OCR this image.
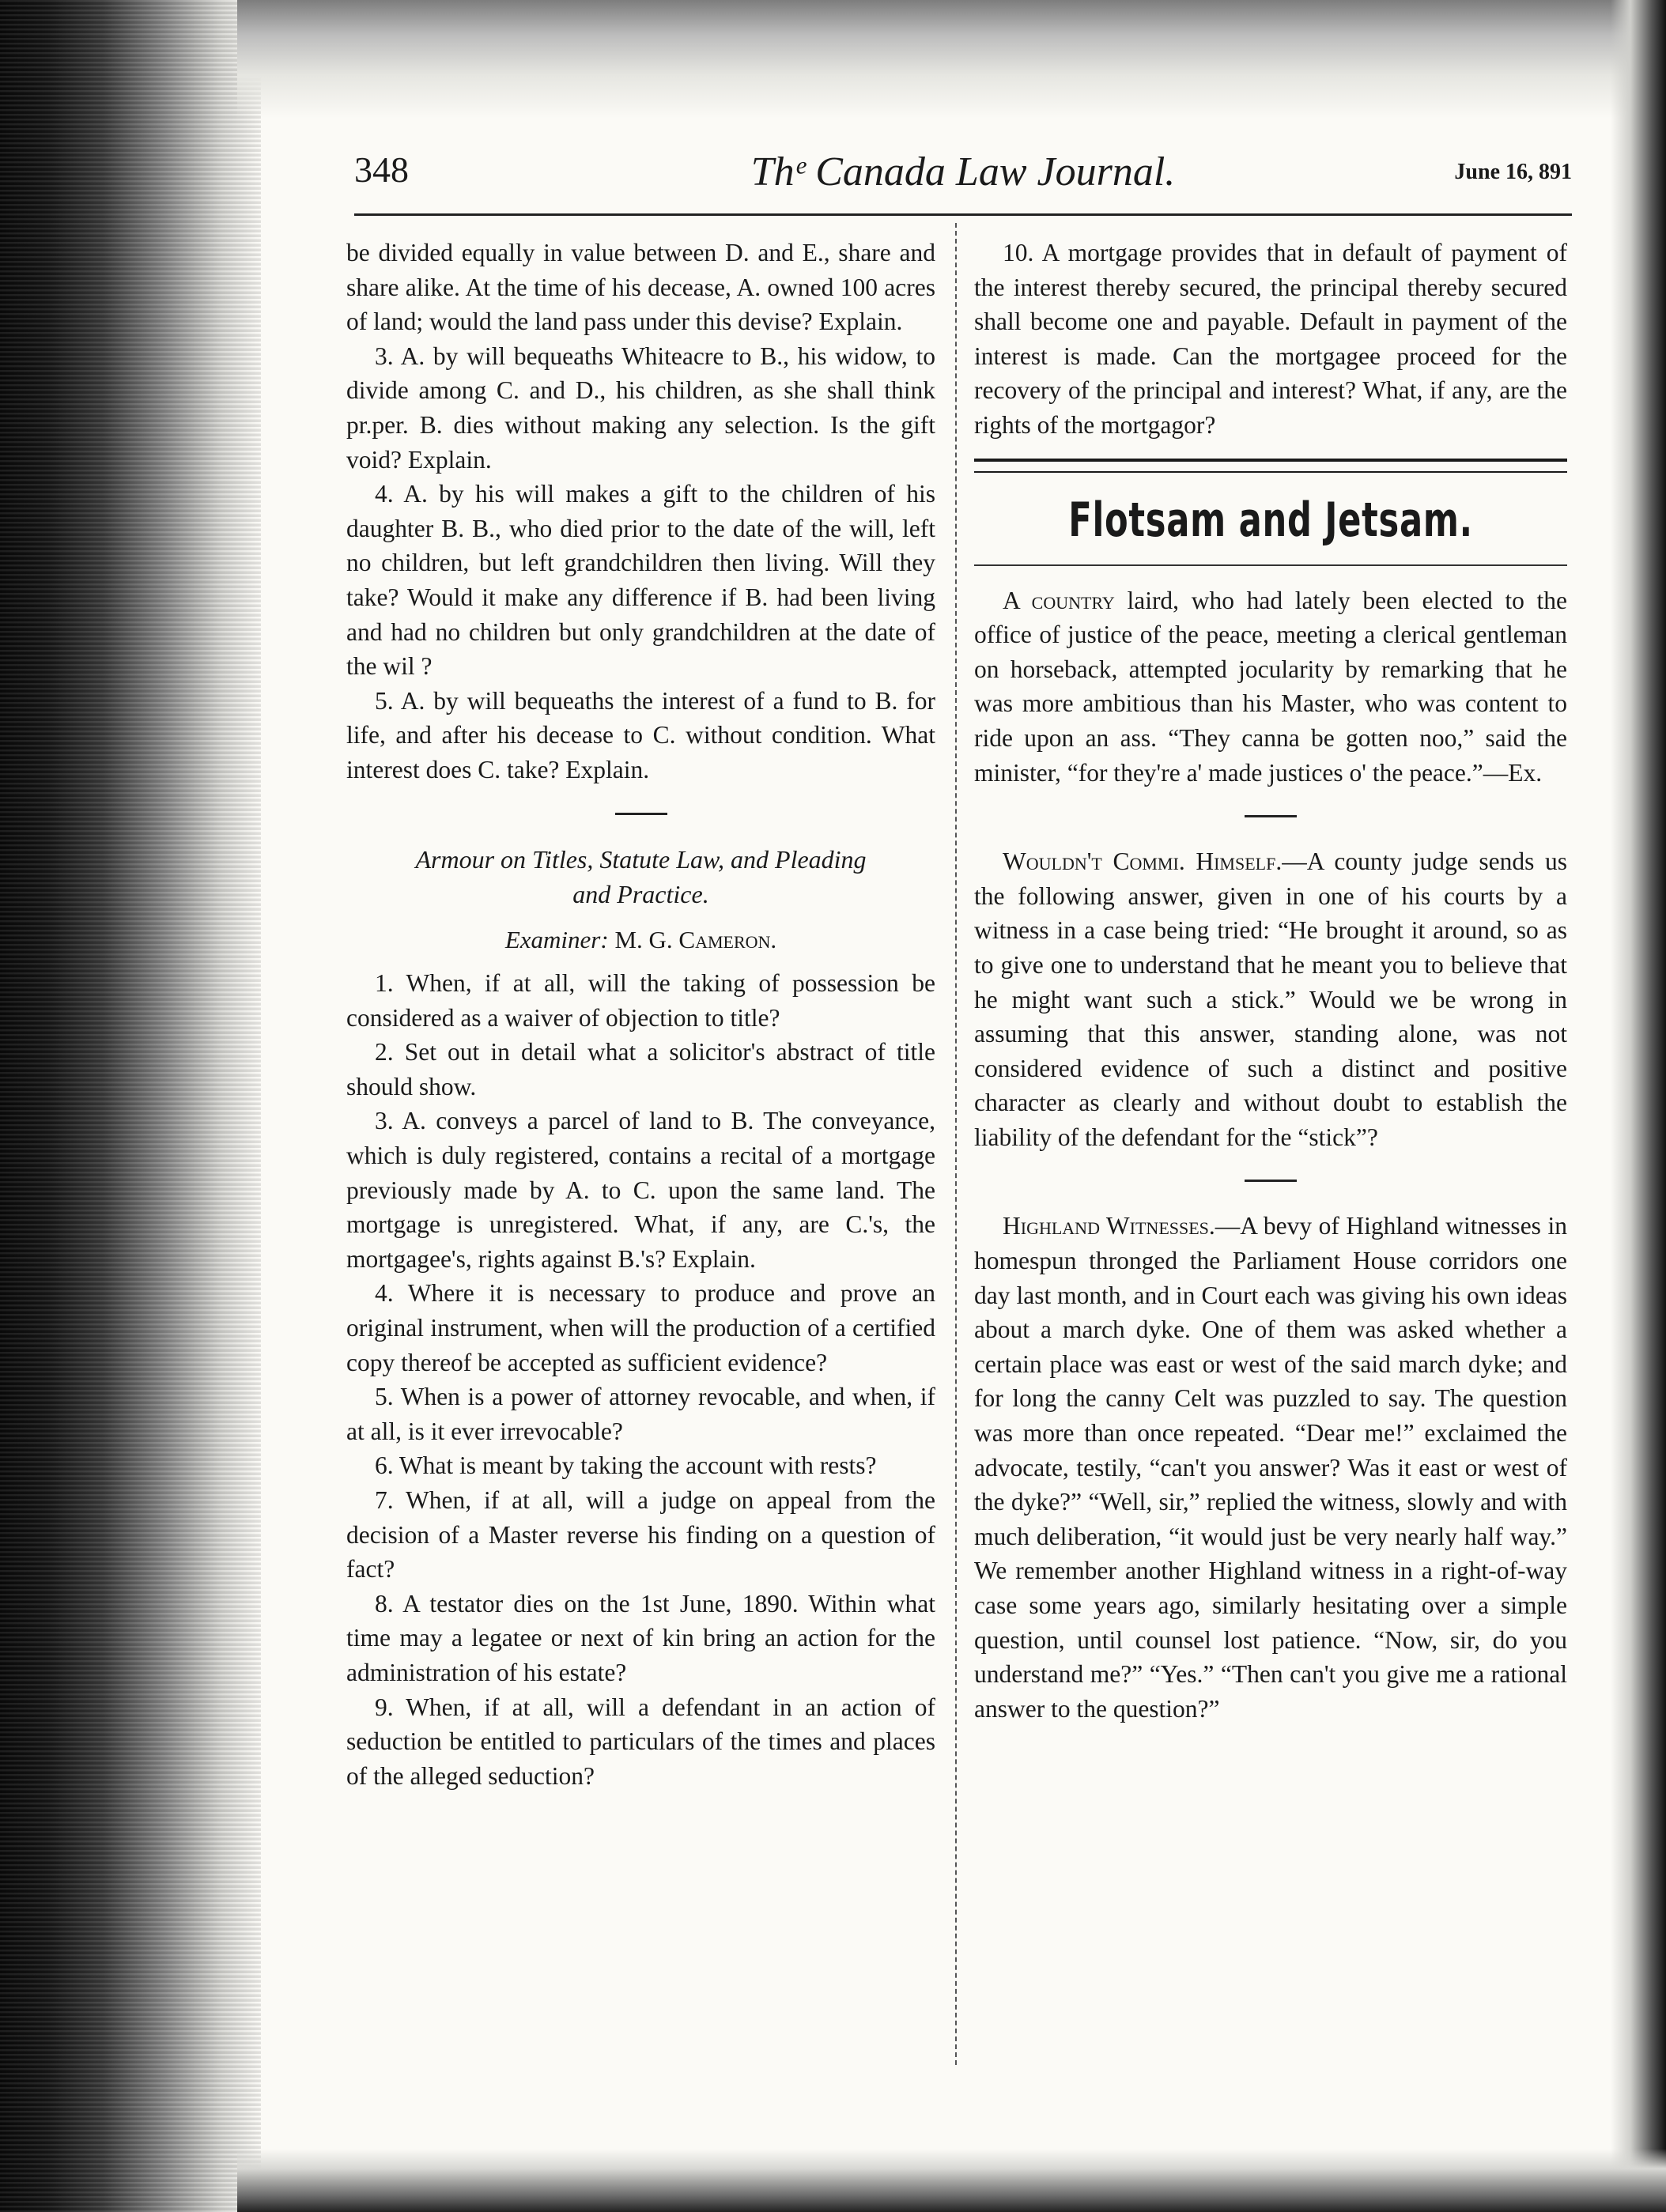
Thᵉ Canada Law Journal.
348	June 16, 891

be divided equally in value between D. and E., share and share alike. At the time of his decease, A. owned 100 acres of land; would the land pass under this devise? Explain.

3. A. by will bequeaths Whiteacre to B., his widow, to divide among C. and D., his children, as she shall think pr.per. B. dies without making any selection. Is the gift void? Explain.

4. A. by his will makes a gift to the children of his daughter B. B., who died prior to the date of the will, left no children, but left grandchildren then living. Will they take? Would it make any difference if B. had been living and had no children but only grandchildren at the date of the wil ?

5. A. by will bequeaths the interest of a fund to B. for life, and after his decease to C. without condition. What interest does C. take? Explain.

Armour on Titles, Statute Law, and Pleading

and Practice.

Examiner: M. G. Cameron.

1. When, if at all, will the taking of possession be considered as a waiver of objection to title?

2. Set out in detail what a solicitor's abstract of title should show.

3. A. conveys a parcel of land to B. The conveyance, which is duly registered, contains a recital of a mortgage previously made by A. to C. upon the same land. The mortgage is unregistered. What, if any, are C.'s, the mortgagee's, rights against B.'s? Explain.

4. Where it is necessary to produce and prove an original instrument, when will the production of a certified copy thereof be accepted as sufficient evidence?

5. When is a power of attorney revocable, and when, if at all, is it ever irrevocable?

6. What is meant by taking the account with rests?

7. When, if at all, will a judge on appeal from the decision of a Master reverse his finding on a question of fact?

8. A testator dies on the 1st June, 1890. Within what time may a legatee or next of kin bring an action for the administration of his estate?

9. When, if at all, will a defendant in an action of seduction be entitled to particulars of the times and places of the alleged seduction?

10. A mortgage provides that in default of payment of the interest thereby secured, the principal thereby secured shall become one and payable. Default in payment of the interest is made. Can the mortgagee proceed for the recovery of the principal and interest? What, if any, are the rights of the mortgagor?

Flotsam and Jetsam.

A country laird, who had lately been elected to the office of justice of the peace, meeting a clerical gentleman on horseback, attempted jocularity by remarking that he was more ambitious than his Master, who was content to ride upon an ass. “They canna be gotten noo,” said the minister, “for they're a' made justices o' the peace.”—Ex.

Wouldn't Commi. Himself.—A county judge sends us the following answer, given in one of his courts by a witness in a case being tried: “He brought it around, so as to give one to understand that he meant you to believe that he might want such a stick.” Would we be wrong in assuming that this answer, standing alone, was not considered evidence of such a distinct and positive character as clearly and without doubt to establish the liability of the defendant for the “stick”?

Highland Witnesses.—A bevy of Highland witnesses in homespun thronged the Parliament House corridors one day last month, and in Court each was giving his own ideas about a march dyke. One of them was asked whether a certain place was east or west of the said march dyke; and for long the canny Celt was puzzled to say. The question was more than once repeated. “Dear me!” exclaimed the advocate, testily, “can't you answer? Was it east or west of the dyke?” “Well, sir,” replied the witness, slowly and with much deliberation, “it would just be very nearly half way.” We remember another Highland witness in a right-of-way case some years ago, similarly hesitating over a simple question, until counsel lost patience. “Now, sir, do you understand me?” “Yes.” “Then can't you give me a rational answer to the question?”
